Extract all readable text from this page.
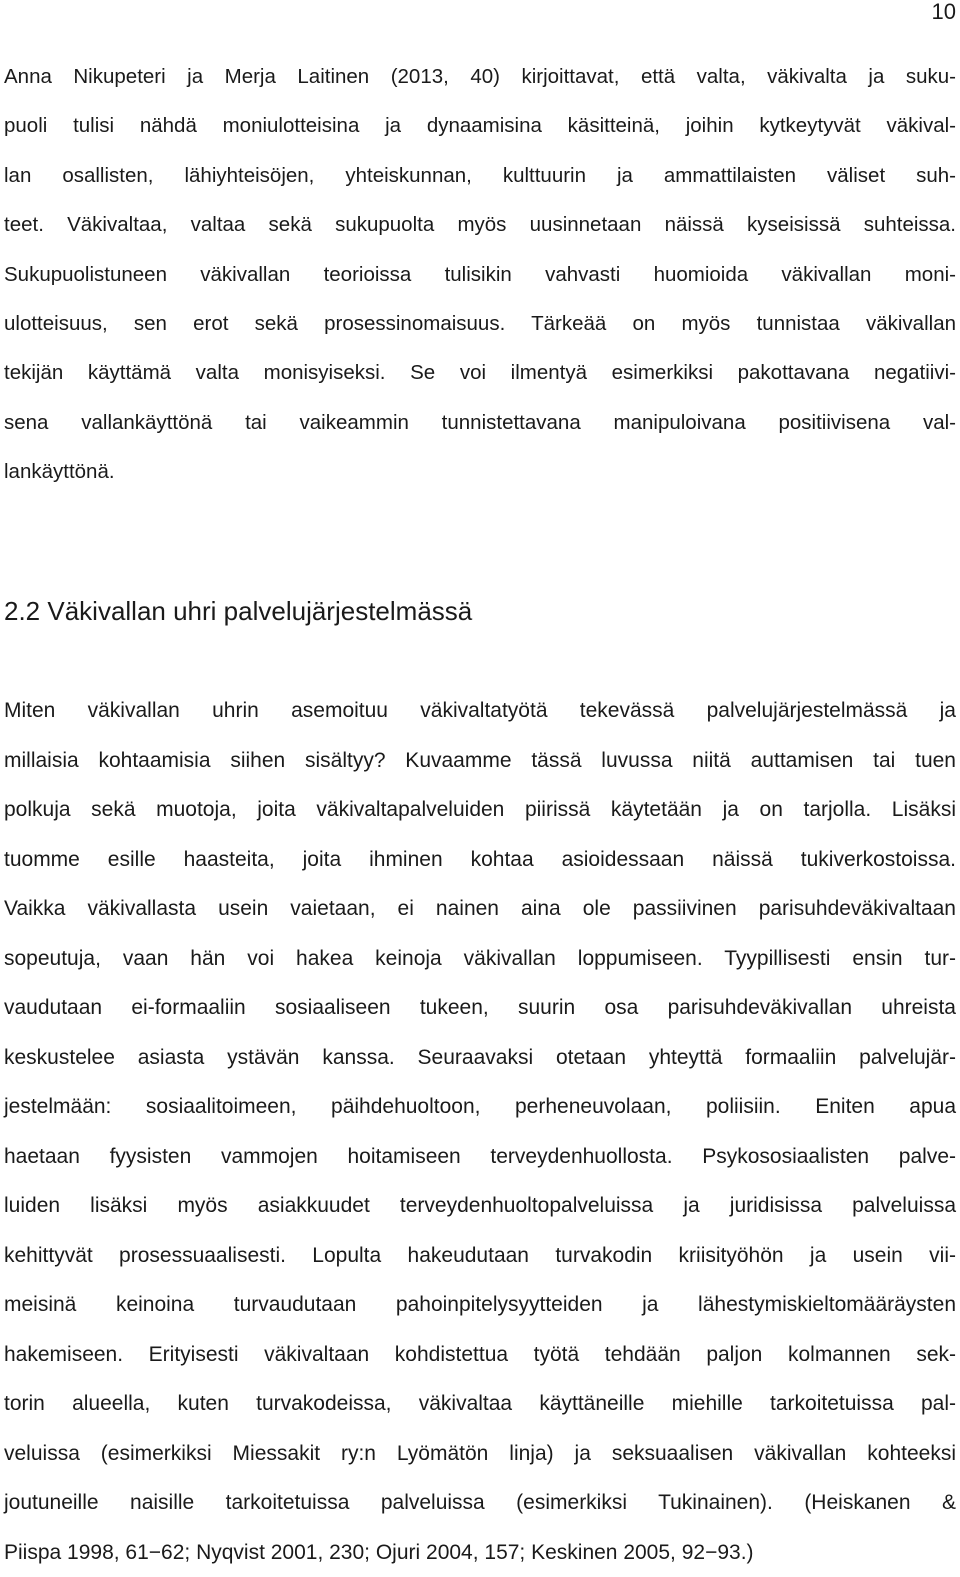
10
Anna Nikupeteri ja Merja Laitinen (2013, 40) kirjoittavat, että valta, väkivalta ja suku-
puoli tulisi nähdä moniulotteisina ja dynaamisina käsitteinä, joihin kytkeytyvät väkival-
lan osallisten, lähiyhteisöjen, yhteiskunnan, kulttuurin ja ammattilaisten väliset suh-
teet. Väkivaltaa, valtaa sekä sukupuolta myös uusinnetaan näissä kyseisissä suhteissa.
Sukupuolistuneen väkivallan teorioissa tulisikin vahvasti huomioida väkivallan moni-
ulotteisuus, sen erot sekä prosessinomaisuus. Tärkeää on myös tunnistaa väkivallan
tekijän käyttämä valta monisyiseksi. Se voi ilmentyä esimerkiksi pakottavana negatiivi-
sena vallankäyttönä tai vaikeammin tunnistettavana manipuloivana positiivisena val-
lankäyttönä.
2.2 Väkivallan uhri palvelujärjestelmässä
Miten väkivallan uhrin asemoituu väkivaltatyötä tekevässä palvelujärjestelmässä ja
millaisia kohtaamisia siihen sisältyy? Kuvaamme tässä luvussa niitä auttamisen tai tuen
polkuja sekä muotoja, joita väkivaltapalveluiden piirissä käytetään ja on tarjolla. Lisäksi
tuomme esille haasteita, joita ihminen kohtaa asioidessaan näissä tukiverkostoissa.
Vaikka väkivallasta usein vaietaan, ei nainen aina ole passiivinen parisuhdeväkivaltaan
sopeutuja, vaan hän voi hakea keinoja väkivallan loppumiseen. Tyypillisesti ensin tur-
vaudutaan ei-formaaliin sosiaaliseen tukeen, suurin osa parisuhdeväkivallan uhreista
keskustelee asiasta ystävän kanssa. Seuraavaksi otetaan yhteyttä formaaliin palvelujär-
jestelmään: sosiaalitoimeen, päihdehuoltoon, perheneuvolaan, poliisiin. Eniten apua
haetaan fyysisten vammojen hoitamiseen terveydenhuollosta. Psykososiaalisten palve-
luiden lisäksi myös asiakkuudet terveydenhuoltopalveluissa ja juridisissa palveluissa
kehittyvät prosessuaalisesti. Lopulta hakeudutaan turvakodin kriisityöhön ja usein vii-
meisinä keinoina turvaudutaan pahoinpitelysyytteiden ja lähestymiskieltomääräysten
hakemiseen. Erityisesti väkivaltaan kohdistettua työtä tehdään paljon kolmannen sek-
torin alueella, kuten turvakodeissa, väkivaltaa käyttäneille miehille tarkoitetuissa pal-
veluissa (esimerkiksi Miessakit ry:n Lyömätön linja) ja seksuaalisen väkivallan kohteeksi
joutuneille naisille tarkoitetuissa palveluissa (esimerkiksi Tukinainen). (Heiskanen &
Piispa 1998, 61−62; Nyqvist 2001, 230; Ojuri 2004, 157; Keskinen 2005, 92−93.)
